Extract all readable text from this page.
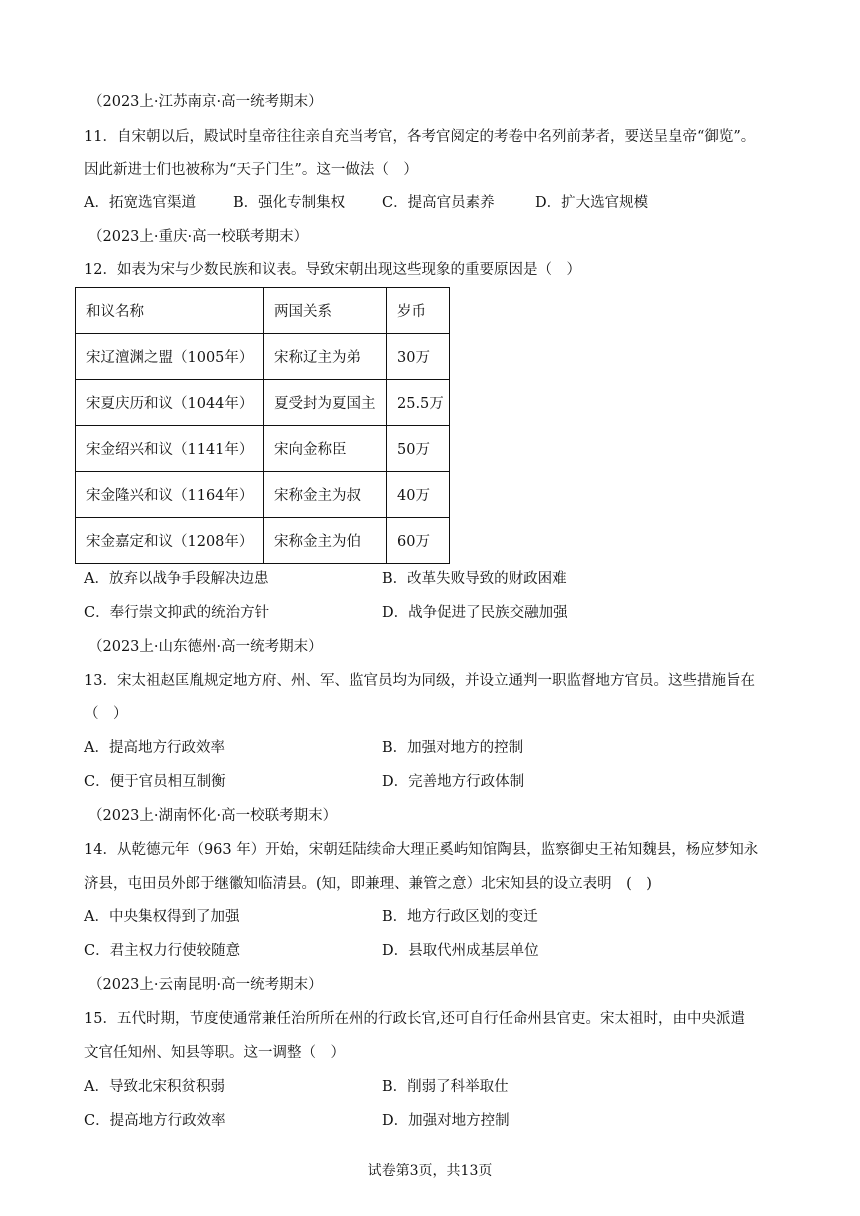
（2023上·江苏南京·高一统考期末）
11．自宋朝以后，殿试时皇帝往往亲自充当考官，各考官阅定的考卷中名列前茅者，要送呈皇帝“御览”。
因此新进士们也被称为“天子门生”。这一做法（　）
A．拓宽选官渠道	B．强化专制集权	C．提高官员素养	D．扩大选官规模
（2023上·重庆·高一校联考期末）
12．如表为宋与少数民族和议表。导致宋朝出现这些现象的重要原因是（　）
和议名称	两国关系	岁币
宋辽澶渊之盟（1005年）	宋称辽主为弟	30万
宋夏庆历和议（1044年）	夏受封为夏国主	25.5万
宋金绍兴和议（1141年）	宋向金称臣	50万
宋金隆兴和议（1164年）	宋称金主为叔	40万
宋金嘉定和议（1208年）	宋称金主为伯	60万
A．放弃以战争手段解决边患	B．改革失败导致的财政困难
C．奉行崇文抑武的统治方针	D．战争促进了民族交融加强
（2023上·山东德州·高一统考期末）
13．宋太祖赵匡胤规定地方府、州、军、监官员均为同级，并设立通判一职监督地方官员。这些措施旨在
（　）
A．提高地方行政效率	B．加强对地方的控制
C．便于官员相互制衡	D．完善地方行政体制
（2023上·湖南怀化·高一校联考期末）
14．从乾德元年（963 年）开始，宋朝廷陆续命大理正奚屿知馆陶县，监察御史王祐知魏县，杨应梦知永
济县，屯田员外郎于继徽知临清县。(知，即兼理、兼管之意）北宋知县的设立表明　(　)
A．中央集权得到了加强	B．地方行政区划的变迁
C．君主权力行使较随意	D．县取代州成基层单位
（2023上·云南昆明·高一统考期末）
15．五代时期，节度使通常兼任治所所在州的行政长官,还可自行任命州县官吏。宋太祖时，由中央派遣
文官任知州、知县等职。这一调整（　）
A．导致北宋积贫积弱	B．削弱了科举取仕
C．提高地方行政效率	D．加强对地方控制
试卷第3页，共13页
